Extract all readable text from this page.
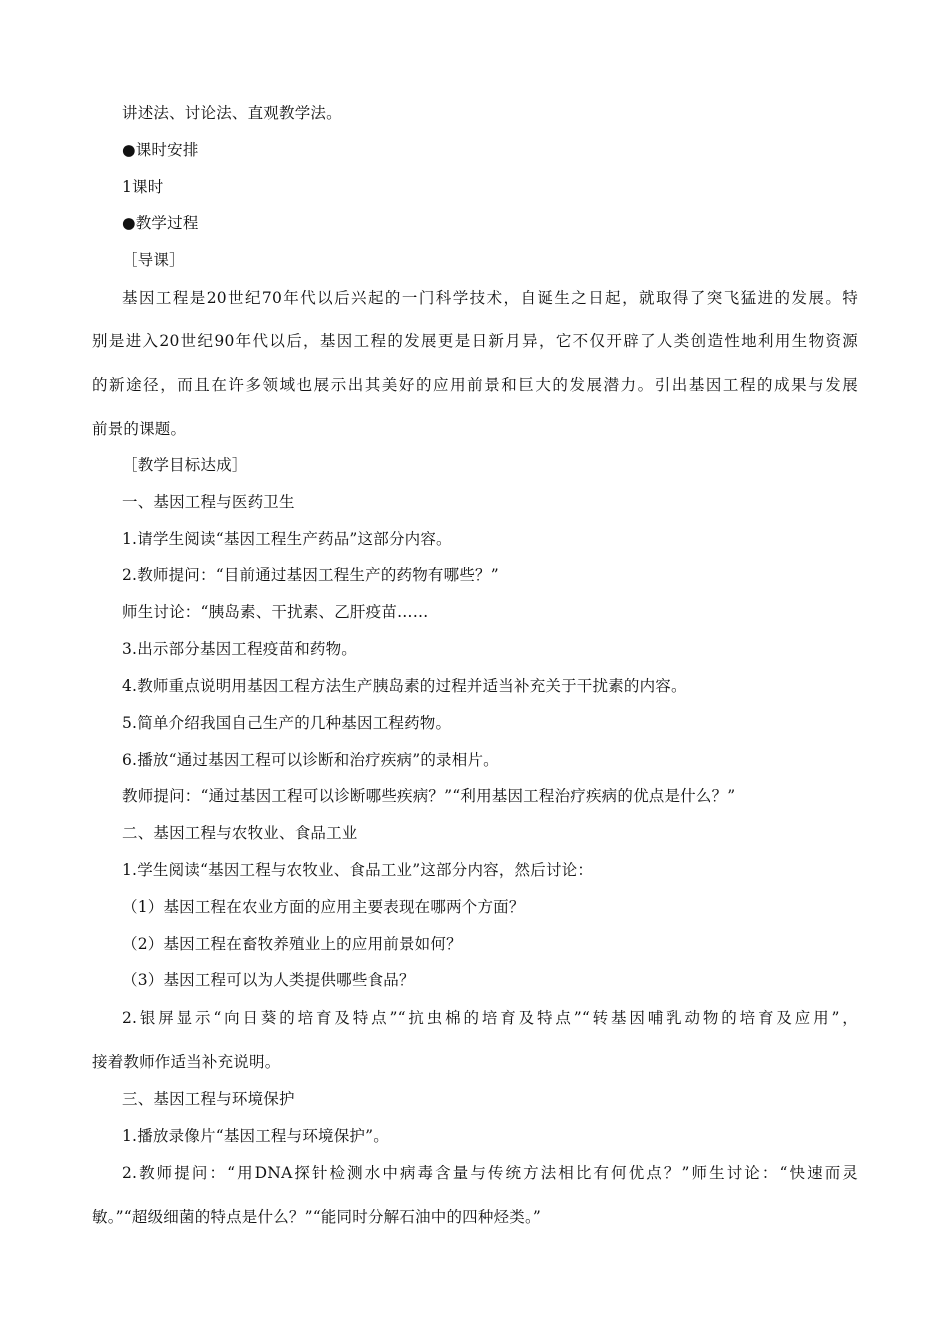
讲述法、讨论法、直观教学法。
●课时安排
1课时
●教学过程
［导课］
基因工程是20世纪70年代以后兴起的一门科学技术，自诞生之日起，就取得了突飞猛进的发展。特
别是进入20世纪90年代以后，基因工程的发展更是日新月异，它不仅开辟了人类创造性地利用生物资源
的新途径，而且在许多领域也展示出其美好的应用前景和巨大的发展潜力。引出基因工程的成果与发展
前景的课题。
［教学目标达成］
一、基因工程与医药卫生
1.请学生阅读“基因工程生产药品”这部分内容。
2.教师提问：“目前通过基因工程生产的药物有哪些？”
师生讨论：“胰岛素、干扰素、乙肝疫苗……
3.出示部分基因工程疫苗和药物。
4.教师重点说明用基因工程方法生产胰岛素的过程并适当补充关于干扰素的内容。
5.简单介绍我国自己生产的几种基因工程药物。
6.播放“通过基因工程可以诊断和治疗疾病”的录相片。
教师提问：“通过基因工程可以诊断哪些疾病？”“利用基因工程治疗疾病的优点是什么？”
二、基因工程与农牧业、食品工业
1.学生阅读“基因工程与农牧业、食品工业”这部分内容，然后讨论：
（1）基因工程在农业方面的应用主要表现在哪两个方面？
（2）基因工程在畜牧养殖业上的应用前景如何？
（3）基因工程可以为人类提供哪些食品？
2.银屏显示“向日葵的培育及特点”“抗虫棉的培育及特点”“转基因哺乳动物的培育及应用”，
接着教师作适当补充说明。
三、基因工程与环境保护
1.播放录像片“基因工程与环境保护”。
2.教师提问：“用DNA探针检测水中病毒含量与传统方法相比有何优点？”师生讨论：“快速而灵
敏。”“超级细菌的特点是什么？”“能同时分解石油中的四种烃类。”
